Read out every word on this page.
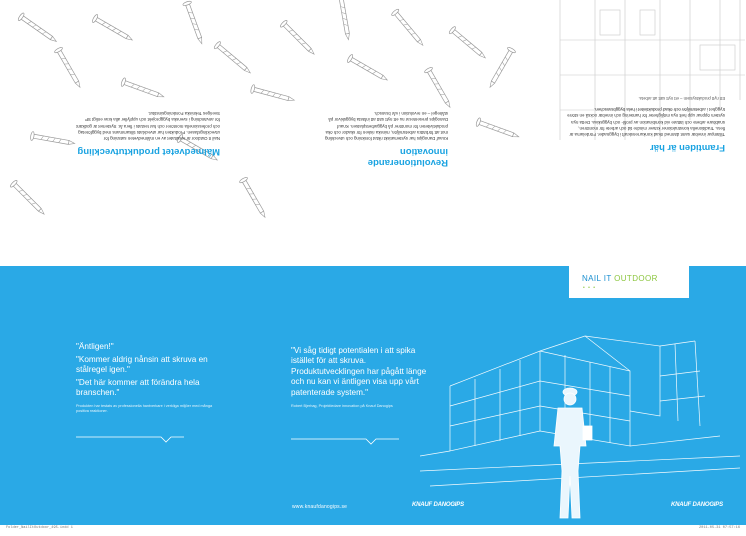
Framtiden är här
Tillämpar innebär samt därmed ökad konkurrenskraft i byggnader. Fördelarna är flera. Traditionella konstruktioner kräver mindre tid och arbete för montören, snabbare arbete och lättare vid kombination av profil- och byggskiva. Detta nya system öppnar upp helt nya möjligheter för hantering och innebär också en större trygghet i arbetsmiljön och ökad produktivitet i hela byggbranschen.
Ett nytt produktsystem – ett nytt sätt att arbeta.
Revolutionerande innovation
Knauf Danogips har systematiskt riktat forskning och utveckling mot att förbättra arbetsmiljön, minska risken för skador och öka produktiviteten för montörer på byggarbetsplatsen. Knauf Danogips presenterar nu ett nytt sätt att infästa byggskivor på stålregel – en revolution i vår bransch.
Målmedvetet produktutveckling
Nail It Outdoor är resultatet av en målmedveten satsning för utvecklingsfasen. Produkten har utvecklats tillsammans med byggföretag och professionella montörer och har testats i flera år. Systemet är godkänt för användning i svenska byggprojekt och uppfyller alla krav enligt SP Sveriges Tekniska Forskningsinstitut.
"Äntligen!"
"Kommer aldrig nånsin att skruva en stålregel igen."
"Det här kommer att förändra hela branschen."
Produkten har testats av professionella hantverkare i verkliga miljöer med många positiva reaktioner.
"Vi såg tidigt potentialen i att spika istället för att skruva. Produktutvecklingen har pågått länge och nu kan vi äntligen visa upp vårt patenterade system."
Robert Bjerhag, Projektledare innovation på Knauf Danogips
www.knaufdanogips.se	KNAUF DANOGIPS
NAIL IT OUTDOOR
• • •
KNAUF DANOGIPS
Folder_NailItOutdoor_495.indd 1	2011-05-31 07:57:16
